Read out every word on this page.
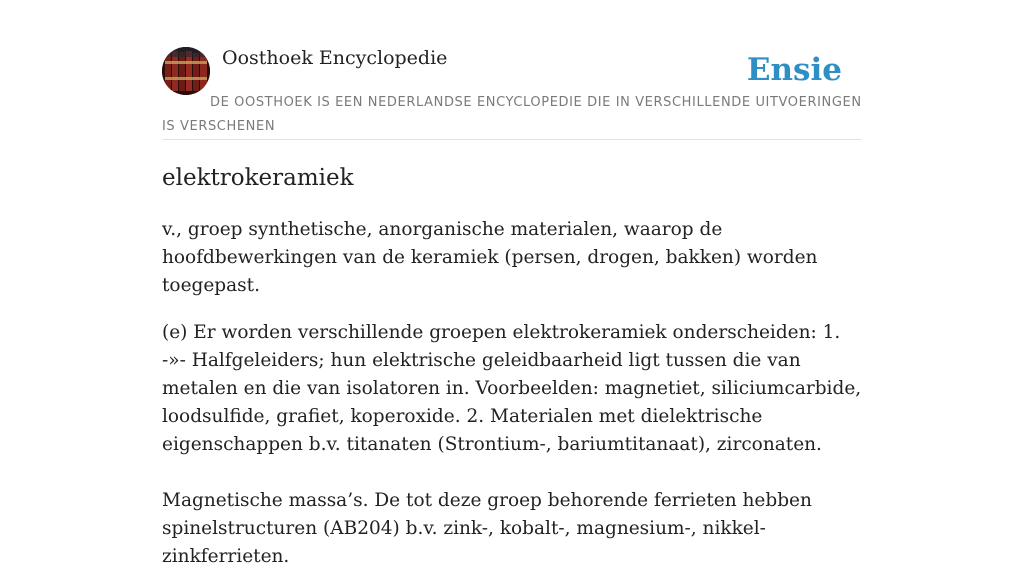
Oosthoek Encyclopedie	Ensie
DE OOSTHOEK IS EEN NEDERLANDSE ENCYCLOPEDIE DIE IN VERSCHILLENDE UITVOERINGEN IS VERSCHENEN
elektrokeramiek

v., groep synthetische, anorganische materialen, waarop de hoofdbewerkingen van de keramiek (persen, drogen, bakken) worden toegepast.

(e) Er worden verschillende groepen elektrokeramiek onderscheiden: 1. -»- Halfgeleiders; hun elektrische geleidbaarheid ligt tussen die van metalen en die van isolatoren in. Voorbeelden: magnetiet, siliciumcarbide, loodsulfide, grafiet, koperoxide. 2. Materialen met dielektrische eigenschappen b.v. titanaten (Strontium-, bariumtitanaat), zirconaten.

Magnetische massa’s. De tot deze groep behorende ferrieten hebben spinelstructuren (AB204) b.v. zink-, kobalt-, magnesium-, nikkel-zinkferrieten.
